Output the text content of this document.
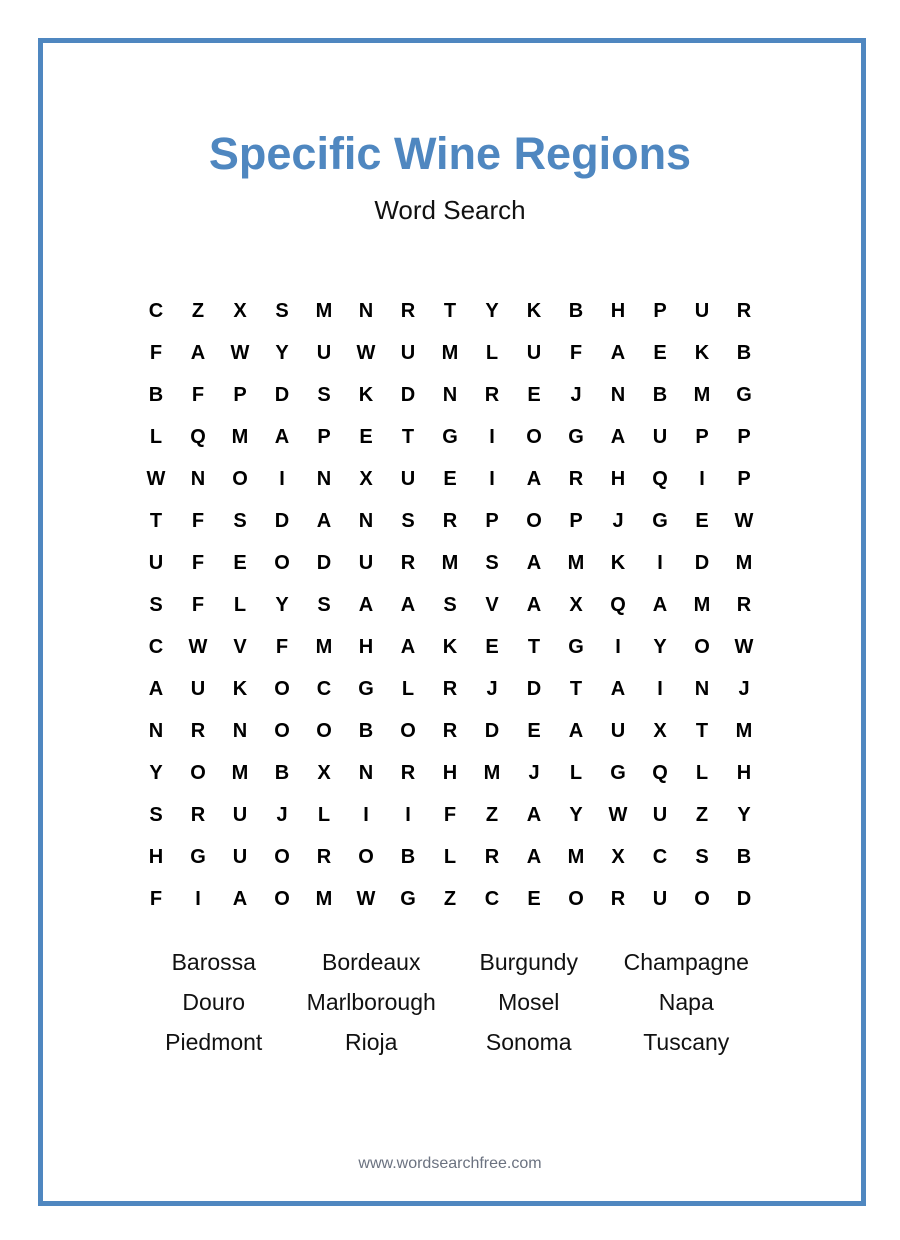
Specific Wine Regions
Word Search
C	Z	X	S	M	N	R	T	Y	K	B	H	P	U	R
F	A	W	Y	U	W	U	M	L	U	F	A	E	K	B
B	F	P	D	S	K	D	N	R	E	J	N	B	M	G
L	Q	M	A	P	E	T	G	I	O	G	A	U	P	P
W	N	O	I	N	X	U	E	I	A	R	H	Q	I	P
T	F	S	D	A	N	S	R	P	O	P	J	G	E	W
U	F	E	O	D	U	R	M	S	A	M	K	I	D	M
S	F	L	Y	S	A	A	S	V	A	X	Q	A	M	R
C	W	V	F	M	H	A	K	E	T	G	I	Y	O	W
A	U	K	O	C	G	L	R	J	D	T	A	I	N	J
N	R	N	O	O	B	O	R	D	E	A	U	X	T	M
Y	O	M	B	X	N	R	H	M	J	L	G	Q	L	H
S	R	U	J	L	I	I	F	Z	A	Y	W	U	Z	Y
H	G	U	O	R	O	B	L	R	A	M	X	C	S	B
F	I	A	O	M	W	G	Z	C	E	O	R	U	O	D
Barossa	Bordeaux	Burgundy	Champagne
Douro	Marlborough	Mosel	Napa
Piedmont	Rioja	Sonoma	Tuscany
www.wordsearchfree.com
